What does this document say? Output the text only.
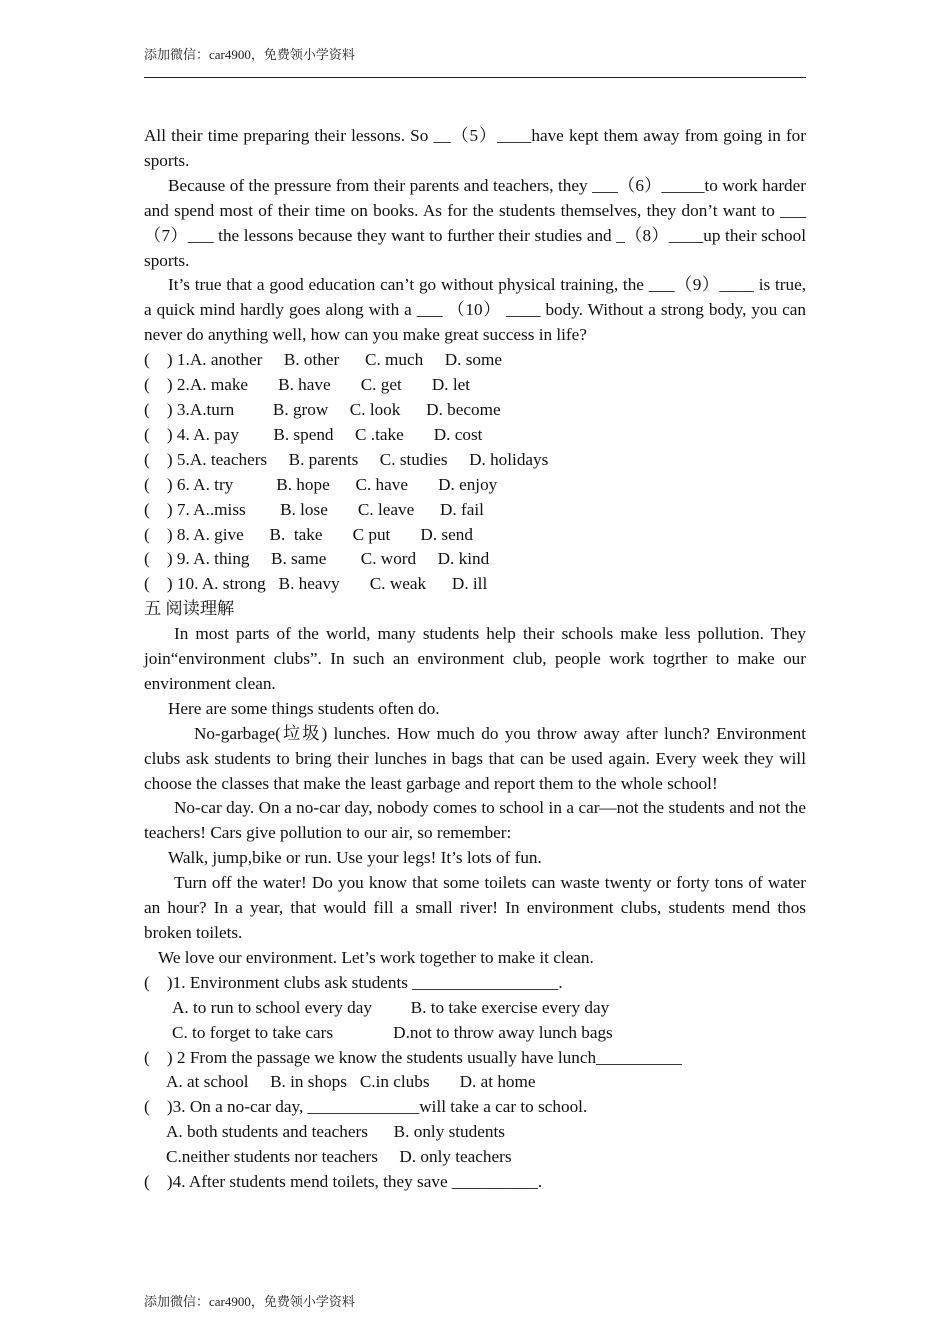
添加微信：car4900，免费领小学资料
All their time preparing their lessons. So __（5）____have kept them away from going in for sports.
Because of the pressure from their parents and teachers, they ___（6）_____to work harder and spend most of their time on books. As for the students themselves, they don’t want to ___（7）___ the lessons because they want to further their studies and _（8）____up their school sports.
It’s true that a good education can’t go without physical training, the ___（9）____ is true, a quick mind hardly goes along with a ___ （10） ____ body. Without a strong body, you can never do anything well, how can you make great success in life?
(    ) 1.A. another     B. other      C. much     D. some
(    ) 2.A. make       B. have       C. get       D. let
(    ) 3.A.turn         B. grow     C. look      D. become
(    ) 4. A. pay        B. spend     C .take       D. cost
(    ) 5.A. teachers     B. parents     C. studies     D. holidays
(    ) 6. A. try          B. hope      C. have       D. enjoy
(    ) 7. A..miss        B. lose       C. leave      D. fail
(    ) 8. A. give      B.  take       C put       D. send
(    ) 9. A. thing     B. same        C. word     D. kind
(    ) 10. A. strong   B. heavy       C. weak      D. ill
五 阅读理解
In most parts of the world, many students help their schools make less pollution. They join“environment clubs”. In such an environment club, people work togrther to make our environment clean.
Here are some things students often do.
No-garbage(垃圾) lunches. How much do you throw away after lunch? Environment clubs ask students to bring their lunches in bags that can be used again. Every week they will choose the classes that make the least garbage and report them to the whole school!
No-car day. On a no-car day, nobody comes to school in a car—not the students and not the teachers! Cars give pollution to our air, so remember:
Walk, jump,bike or run. Use your legs! It’s lots of fun.
Turn off the water! Do you know that some toilets can waste twenty or forty tons of water an hour? In a year, that would fill a small river! In environment clubs, students mend thos broken toilets.
We love our environment. Let’s work together to make it clean.
(    )1. Environment clubs ask students _________________.
A. to run to school every day         B. to take exercise every day
C. to forget to take cars              D.not to throw away lunch bags
(    ) 2 From the passage we know the students usually have lunch__________
A. at school     B. in shops   C.in clubs       D. at home
(    )3. On a no-car day, _____________will take a car to school.
A. both students and teachers      B. only students
C.neither students nor teachers     D. only teachers
(    )4. After students mend toilets, they save __________.
添加微信：car4900，免费领小学资料
